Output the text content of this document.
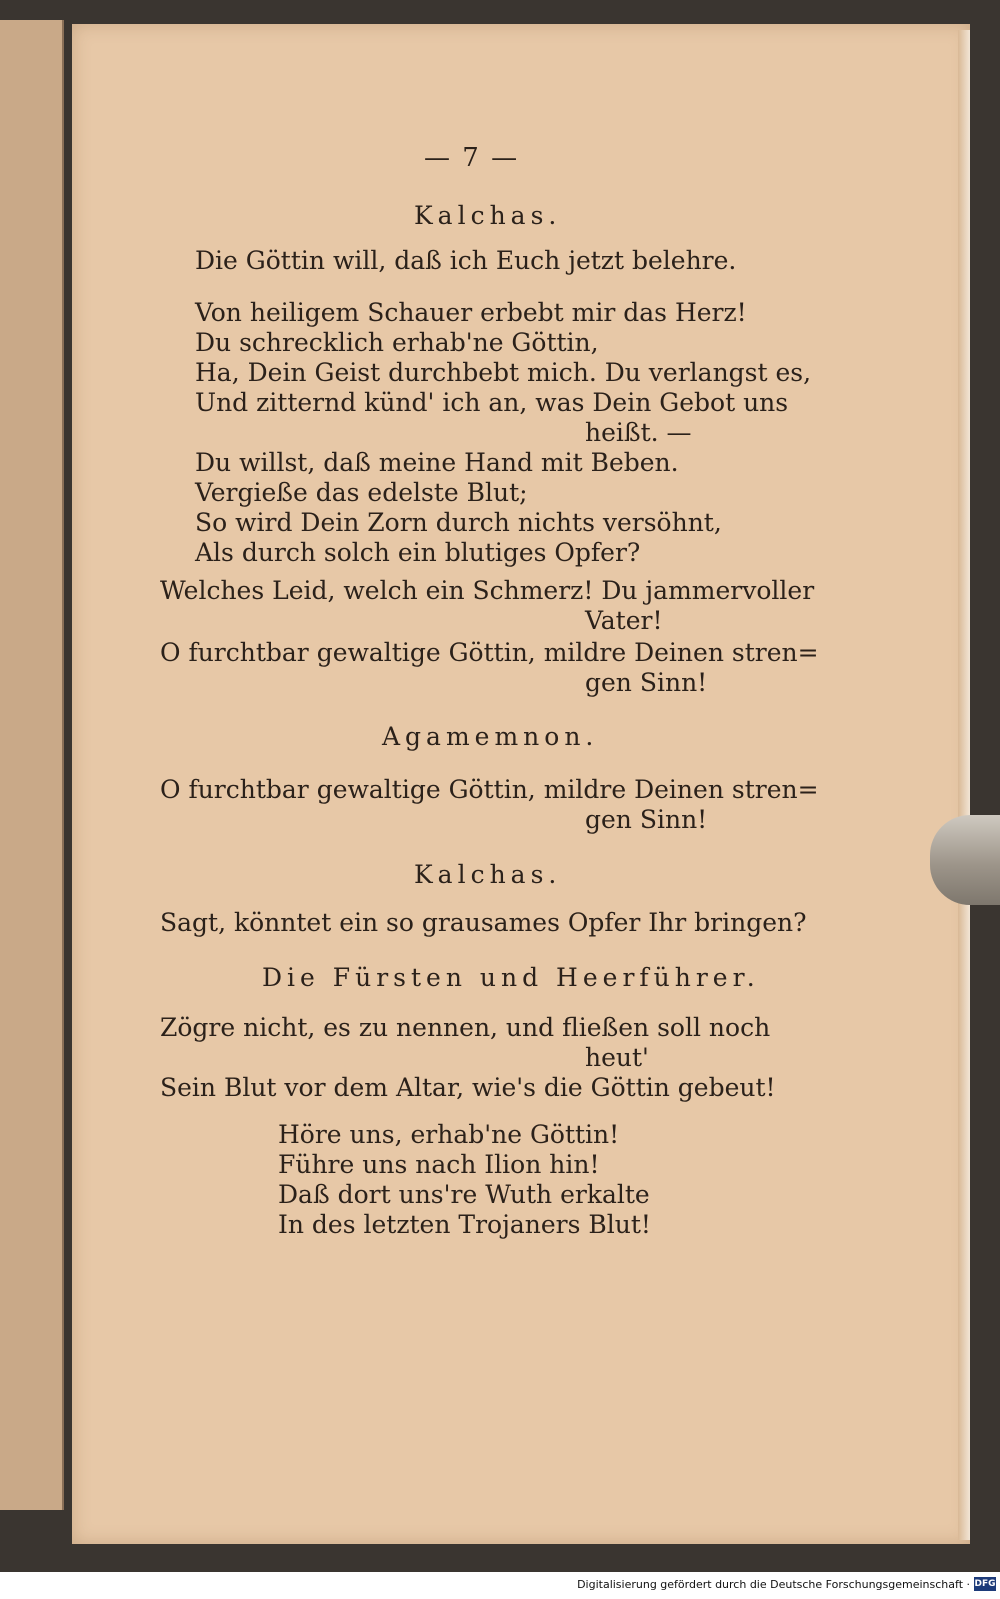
— 7 —
Kalchas.
Die Göttin will, daß ich Euch jetzt belehre.
Von heiligem Schauer erbebt mir das Herz!
Du schrecklich erhab'ne Göttin,
Ha, Dein Geist durchbebt mich. Du verlangst es,
Und zitternd künd' ich an, was Dein Gebot uns
heißt. —
Du willst, daß meine Hand mit Beben.
Vergieße das edelste Blut;
So wird Dein Zorn durch nichts versöhnt,
Als durch solch ein blutiges Opfer?
Welches Leid, welch ein Schmerz! Du jammervoller
Vater!
O furchtbar gewaltige Göttin, mildre Deinen stren=
gen Sinn!
Agamemnon.
O furchtbar gewaltige Göttin, mildre Deinen stren=
gen Sinn!
Kalchas.
Sagt, könntet ein so grausames Opfer Ihr bringen?
Die Fürsten und Heerführer.
Zögre nicht, es zu nennen, und fließen soll noch
heut'
Sein Blut vor dem Altar, wie's die Göttin gebeut!
Höre uns, erhab'ne Göttin!
Führe uns nach Ilion hin!
Daß dort uns're Wuth erkalte
In des letzten Trojaners Blut!
Digitalisierung gefördert durch die Deutsche Forschungsgemeinschaft · DFG
